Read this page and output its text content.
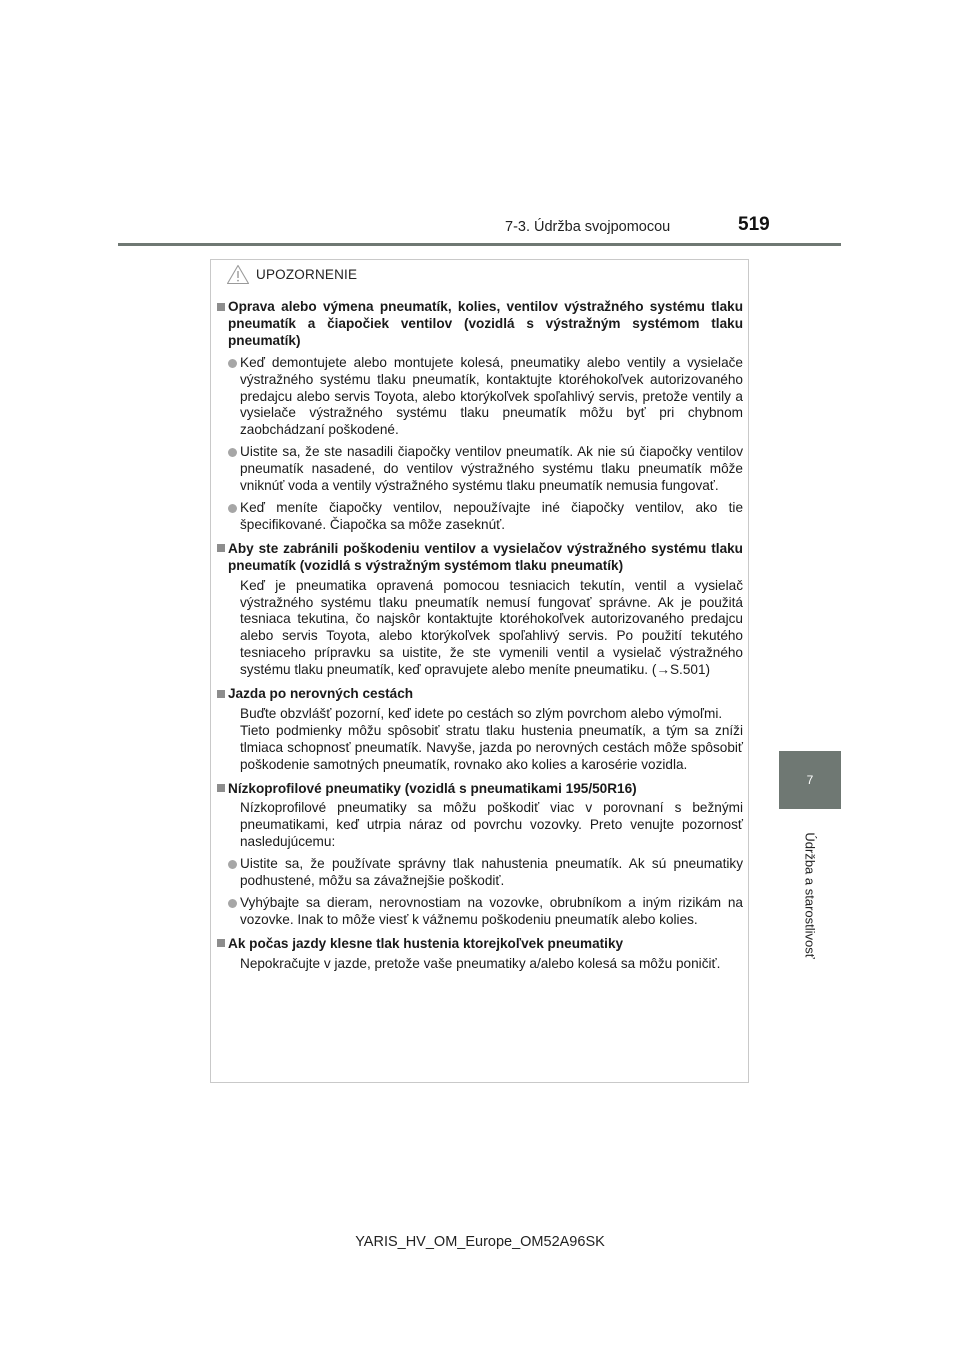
7-3. Údržba svojpomocou	519
7
Údržba a starostlivosť
UPOZORNENIE
Oprava alebo výmena pneumatík, kolies, ventilov výstražného systému tlaku pneumatík a čiapočiek ventilov (vozidlá s výstražným systémom tlaku pneumatík)
Keď demontujete alebo montujete kolesá, pneumatiky alebo ventily a vysielače výstražného systému tlaku pneumatík, kontaktujte ktoréhokoľvek autorizovaného predajcu alebo servis Toyota, alebo ktorýkoľvek spoľahlivý servis, pretože ventily a vysielače výstražného systému tlaku pneumatík môžu byť pri chybnom zaobchádzaní poškodené.
Uistite sa, že ste nasadili čiapočky ventilov pneumatík. Ak nie sú čiapočky ventilov pneumatík nasadené, do ventilov výstražného systému tlaku pneumatík môže vniknúť voda a ventily výstražného systému tlaku pneumatík nemusia fungovať.
Keď meníte čiapočky ventilov, nepoužívajte iné čiapočky ventilov, ako tie špecifikované. Čiapočka sa môže zaseknúť.
Aby ste zabránili poškodeniu ventilov a vysielačov výstražného systému tlaku pneumatík (vozidlá s výstražným systémom tlaku pneumatík)
Keď je pneumatika opravená pomocou tesniacich tekutín, ventil a vysielač výstražného systému tlaku pneumatík nemusí fungovať správne. Ak je použitá tesniaca tekutina, čo najskôr kontaktujte ktoréhokoľvek autorizovaného predajcu alebo servis Toyota, alebo ktorýkoľvek spoľahlivý servis. Po použití tekutého tesniaceho prípravku sa uistite, že ste vymenili ventil a vysielač výstražného systému tlaku pneumatík, keď opravujete alebo meníte pneumatiku. (→S.501)
Jazda po nerovných cestách
Buďte obzvlášť pozorní, keď idete po cestách so zlým povrchom alebo výmoľmi.
Tieto podmienky môžu spôsobiť stratu tlaku hustenia pneumatík, a tým sa zníži tlmiaca schopnosť pneumatík. Navyše, jazda po nerovných cestách môže spôsobiť poškodenie samotných pneumatík, rovnako ako kolies a karosérie vozidla.
Nízkoprofilové pneumatiky (vozidlá s pneumatikami 195/50R16)
Nízkoprofilové pneumatiky sa môžu poškodiť viac v porovnaní s bežnými pneumatikami, keď utrpia náraz od povrchu vozovky. Preto venujte pozornosť nasledujúcemu:
Uistite sa, že používate správny tlak nahustenia pneumatík. Ak sú pneumatiky podhustené, môžu sa závažnejšie poškodiť.
Vyhýbajte sa dieram, nerovnostiam na vozovke, obrubníkom a iným rizikám na vozovke. Inak to môže viesť k vážnemu poškodeniu pneumatík alebo kolies.
Ak počas jazdy klesne tlak hustenia ktorejkoľvek pneumatiky
Nepokračujte v jazde, pretože vaše pneumatiky a/alebo kolesá sa môžu poničiť.
YARIS_HV_OM_Europe_OM52A96SK
